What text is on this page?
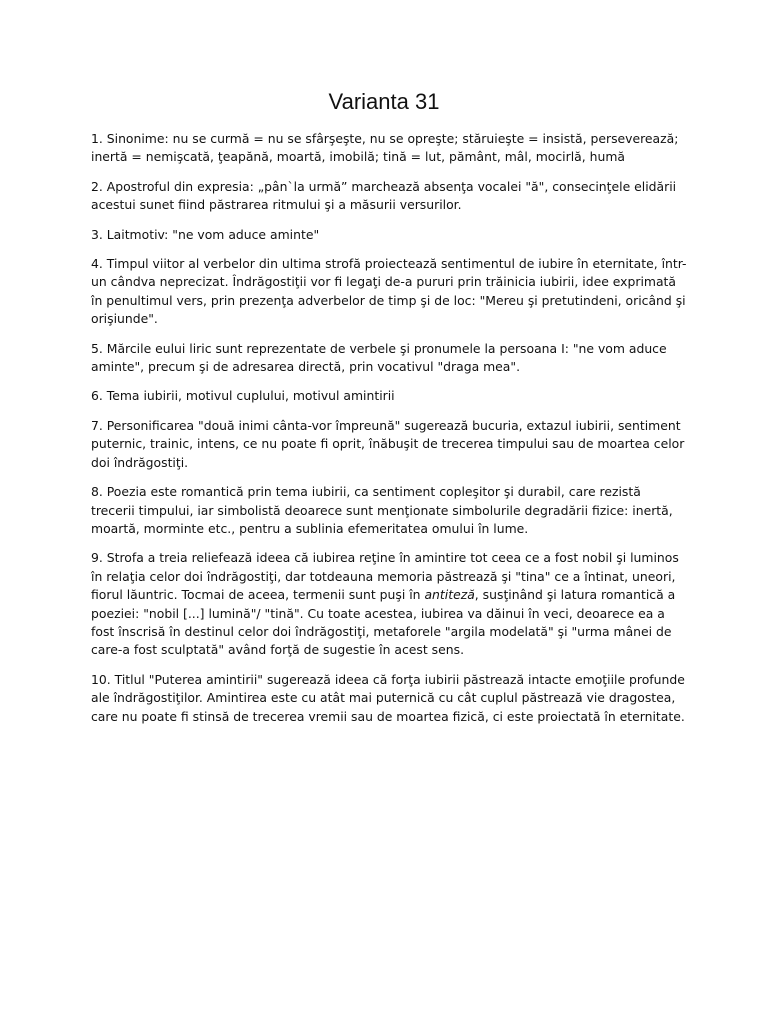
Varianta 31

1. Sinonime: nu se curmă = nu se sfârşeşte, nu se opreşte; stăruieşte = insistă, perseverează; inertă = nemişcată, ţeapănă, moartă, imobilă; tină = lut, pământ, mâl, mocirlă, humă

2. Apostroful din expresia: „pân`la urmă” marchează absenţa vocalei "ă", consecinţele elidării acestui sunet fiind păstrarea ritmului şi a măsurii versurilor.

3. Laitmotiv: "ne vom aduce aminte"

4. Timpul viitor al verbelor din ultima strofă proiectează sentimentul de iubire în eternitate, într-un cândva neprecizat. Îndrăgostiţii vor fi legaţi de-a pururi prin trăinicia iubirii, idee exprimată în penultimul vers, prin prezenţa adverbelor de timp şi de loc: "Mereu şi pretutindeni, oricând şi orişiunde".

5. Mărcile eului liric sunt reprezentate de verbele şi pronumele la persoana I: "ne vom aduce aminte", precum şi de adresarea directă, prin vocativul "draga mea".

6. Tema iubirii, motivul cuplului, motivul amintirii

7. Personificarea "două inimi cânta-vor împreună" sugerează bucuria, extazul iubirii, sentiment puternic, trainic, intens, ce nu poate fi oprit, înăbuşit de trecerea timpului sau de moartea celor doi îndrăgostiţi.

8. Poezia este romantică prin tema iubirii, ca sentiment copleşitor şi durabil, care rezistă trecerii timpului, iar simbolistă deoarece sunt menţionate simbolurile degradării fizice: inertă, moartă, morminte etc., pentru a sublinia efemeritatea omului în lume.

9. Strofa a treia reliefează ideea că iubirea reţine în amintire tot ceea ce a fost nobil şi luminos în relaţia celor doi îndrăgostiţi, dar totdeauna memoria păstrează şi "tina" ce a întinat, uneori, fiorul lăuntric. Tocmai de aceea, termenii sunt puşi în antiteză, susţinând şi latura romantică a poeziei: "nobil [...] lumină"/ "tină". Cu toate acestea, iubirea va dăinui în veci, deoarece ea a fost înscrisă în destinul celor doi îndrăgostiţi, metaforele "argila modelată" şi "urma mânei de care-a fost sculptată" având forţă de sugestie în acest sens.

10. Titlul "Puterea amintirii" sugerează ideea că forţa iubirii păstrează intacte emoţiile profunde ale îndrăgostiţilor. Amintirea este cu atât mai puternică cu cât cuplul păstrează vie dragostea, care nu poate fi stinsă de trecerea vremii sau de moartea fizică, ci este proiectată în eternitate.
